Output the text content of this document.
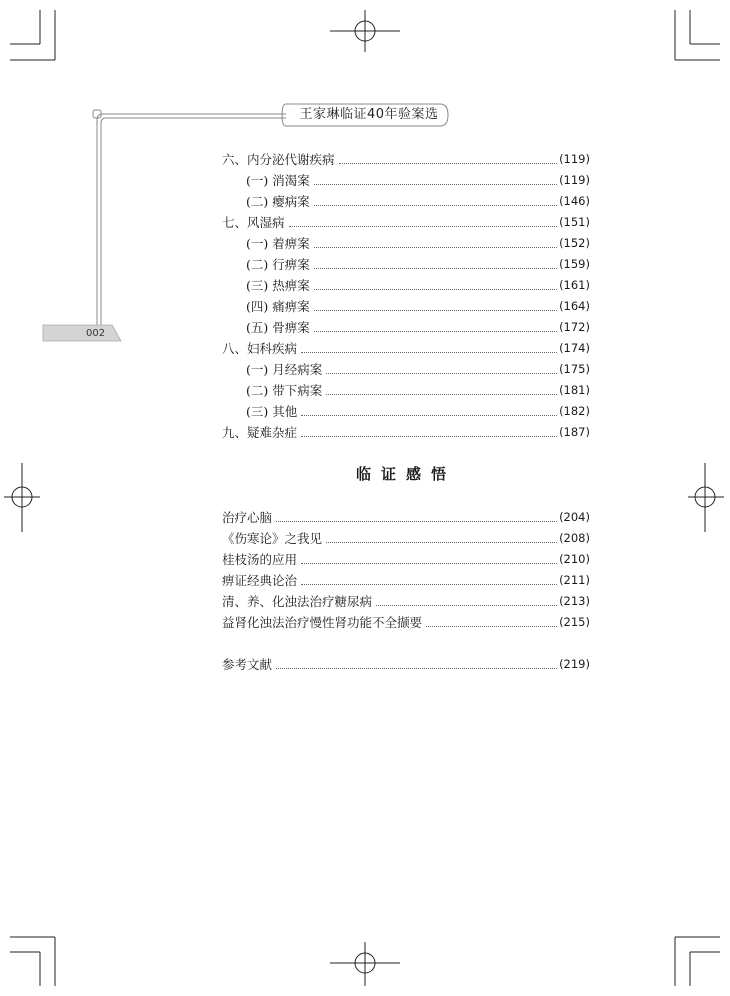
王家琳临证40年验案选
002
六、内分泌代谢疾病	(119)
(一) 消渴案	(119)
(二) 瘿病案	(146)
七、风湿病	(151)
(一) 着痹案	(152)
(二) 行痹案	(159)
(三) 热痹案	(161)
(四) 痛痹案	(164)
(五) 骨痹案	(172)
八、妇科疾病	(174)
(一) 月经病案	(175)
(二) 带下病案	(181)
(三) 其他	(182)
九、疑难杂症	(187)
临证感悟
治疗心脑	(204)
《伤寒论》之我见	(208)
桂枝汤的应用	(210)
痹证经典论治	(211)
清、养、化浊法治疗糖尿病	(213)
益肾化浊法治疗慢性肾功能不全撷要	(215)
参考文献	(219)
